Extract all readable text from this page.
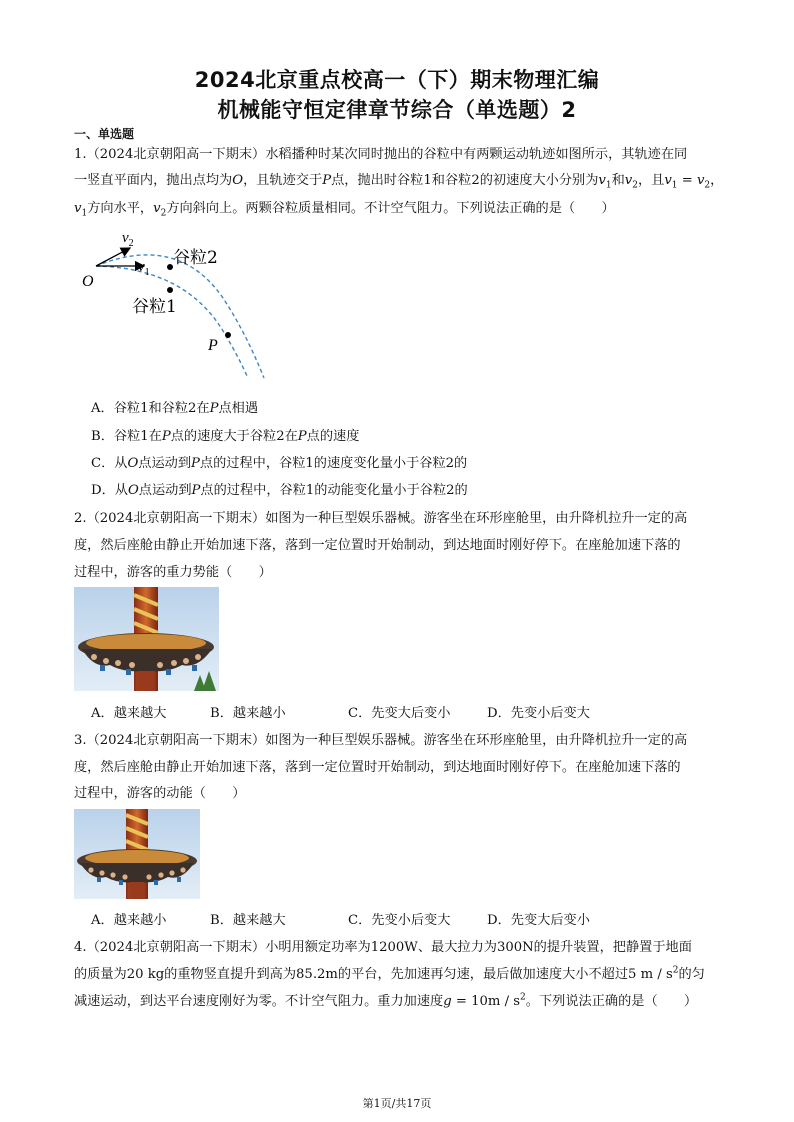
2024北京重点校高一（下）期末物理汇编
机械能守恒定律章节综合（单选题）2
一、单选题
1.（2024北京朝阳高一下期末）水稻播种时某次同时抛出的谷粒中有两颗运动轨迹如图所示，其轨迹在同
一竖直平面内，抛出点均为O，且轨迹交于P点，抛出时谷粒1和谷粒2的初速度大小分别为$v_1$和$v_2$，且$v_1 = v_2$，
$v_1$方向水平，$v_2$方向斜向上。两颗谷粒质量相同。不计空气阻力。下列说法正确的是（　　）
$v_2$
$v_1$
O
P
谷粒2
谷粒1
A．谷粒1和谷粒2在P点相遇
B．谷粒1在P点的速度大于谷粒2在P点的速度
C．从O点运动到P点的过程中，谷粒1的速度变化量小于谷粒2的
D．从O点运动到P点的过程中，谷粒1的动能变化量小于谷粒2的
2.（2024北京朝阳高一下期末）如图为一种巨型娱乐器械。游客坐在环形座舱里，由升降机拉升一定的高
度，然后座舱由静止开始加速下落，落到一定位置时开始制动，到达地面时刚好停下。在座舱加速下落的
过程中，游客的重力势能（　　）
A．越来越大	B．越来越小	C．先变大后变小	D．先变小后变大
3.（2024北京朝阳高一下期末）如图为一种巨型娱乐器械。游客坐在环形座舱里，由升降机拉升一定的高
度，然后座舱由静止开始加速下落，落到一定位置时开始制动，到达地面时刚好停下。在座舱加速下落的
过程中，游客的动能（　　）
A．越来越小	B．越来越大	C．先变小后变大	D．先变大后变小
4.（2024北京朝阳高一下期末）小明用额定功率为1200W、最大拉力为300N的提升装置，把静置于地面
的质量为20 kg的重物竖直提升到高为85.2m的平台，先加速再匀速，最后做加速度大小不超过5 m / $s^2$的匀
减速运动，到达平台速度刚好为零。不计空气阻力。重力加速度$g = 10m / s^2$。下列说法正确的是（　　）
第1页/共17页
